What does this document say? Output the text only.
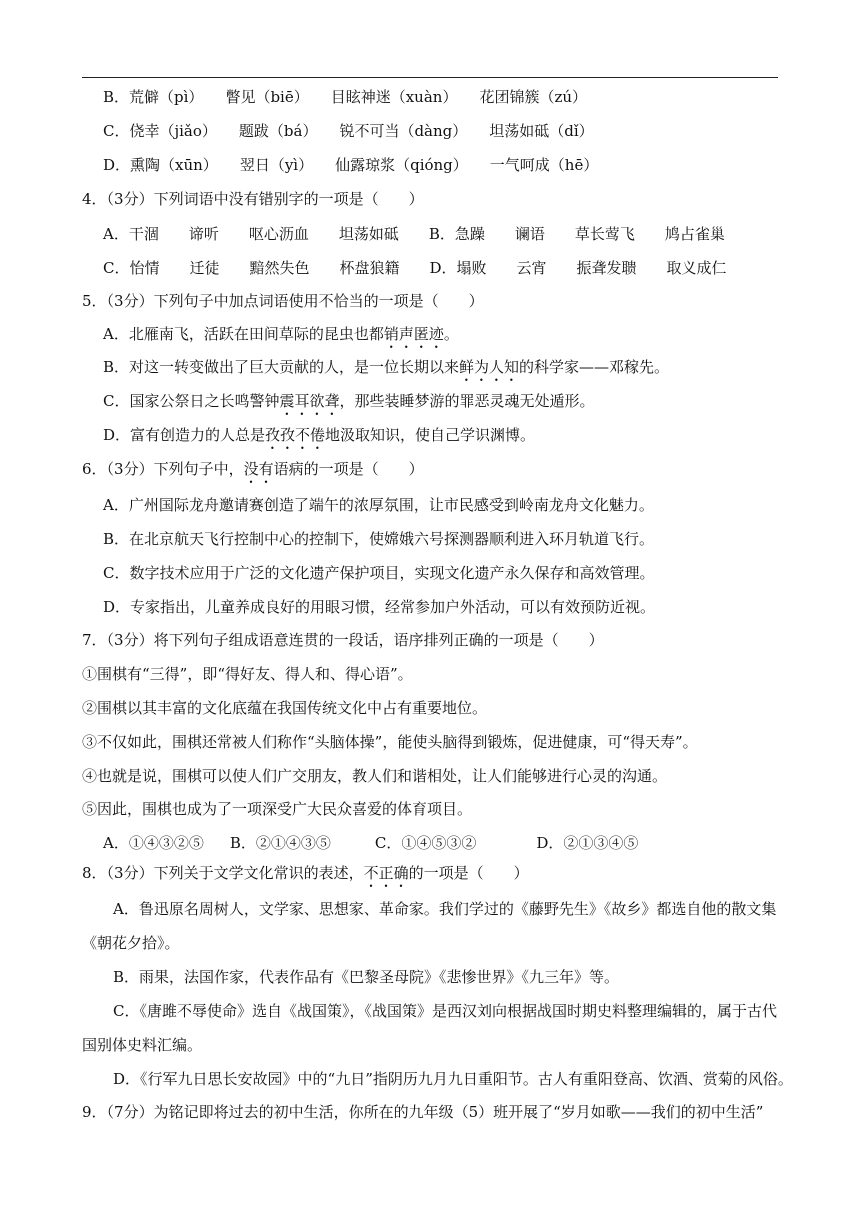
B．荒僻（pì） 瞥见（biē） 目眩神迷（xuàn） 花团锦簇（zú）
C．侥幸（jiǎo） 题跋（bá） 锐不可当（dàng） 坦荡如砥（dǐ）
D．熏陶（xūn） 翌日（yì） 仙露琼浆（qióng） 一气呵成（hē）
4．（3分）下列词语中没有错别字的一项是（　　）
A．干涸　　谛听　　呕心沥血　　坦荡如砥　　B．急躁　　谰语　　草长莺飞　　鸠占雀巢
C．怡情　　迁徒　　黯然失色　　杯盘狼籍　　D．塌败　　云宵　　振聋发聩　　取义成仁
5．（3分）下列句子中加点词语使用不恰当的一项是（　　）
A．北雁南飞，活跃在田间草际的昆虫也都销声匿迹。
B．对这一转变做出了巨大贡献的人，是一位长期以来鲜为人知的科学家——邓稼先。
C．国家公祭日之长鸣警钟震耳欲聋，那些装睡梦游的罪恶灵魂无处遁形。
D．富有创造力的人总是孜孜不倦地汲取知识，使自己学识渊博。
6．（3分）下列句子中，没有语病的一项是（　　）
A．广州国际龙舟邀请赛创造了端午的浓厚氛围，让市民感受到岭南龙舟文化魅力。
B．在北京航天飞行控制中心的控制下，使嫦娥六号探测器顺利进入环月轨道飞行。
C．数字技术应用于广泛的文化遗产保护项目，实现文化遗产永久保存和高效管理。
D．专家指出，儿童养成良好的用眼习惯，经常参加户外活动，可以有效预防近视。
7．（3分）将下列句子组成语意连贯的一段话，语序排列正确的一项是（　　）
①围棋有“三得”，即“得好友、得人和、得心语”。
②围棋以其丰富的文化底蕴在我国传统文化中占有重要地位。
③不仅如此，围棋还常被人们称作“头脑体操”，能使头脑得到锻炼，促进健康，可“得天寿”。
④也就是说，围棋可以使人们广交朋友，教人们和谐相处，让人们能够进行心灵的沟通。
⑤因此，围棋也成为了一项深受广大民众喜爱的体育项目。
A．①④③②⑤ B．②①④③⑤	C．①④⑤③②	D．②①③④⑤
8．（3分）下列关于文学文化常识的表述，不正确的一项是（　　）
A．鲁迅原名周树人，文学家、思想家、革命家。我们学过的《藤野先生》《故乡》都选自他的散文集
《朝花夕拾》。
B．雨果，法国作家，代表作品有《巴黎圣母院》《悲惨世界》《九三年》等。
C．《唐雎不辱使命》选自《战国策》，《战国策》是西汉刘向根据战国时期史料整理编辑的，属于古代
国别体史料汇编。
D．《行军九日思长安故园》中的“九日”指阴历九月九日重阳节。古人有重阳登高、饮酒、赏菊的风俗。
9．（7分）为铭记即将过去的初中生活，你所在的九年级（5）班开展了“岁月如歌——我们的初中生活”
